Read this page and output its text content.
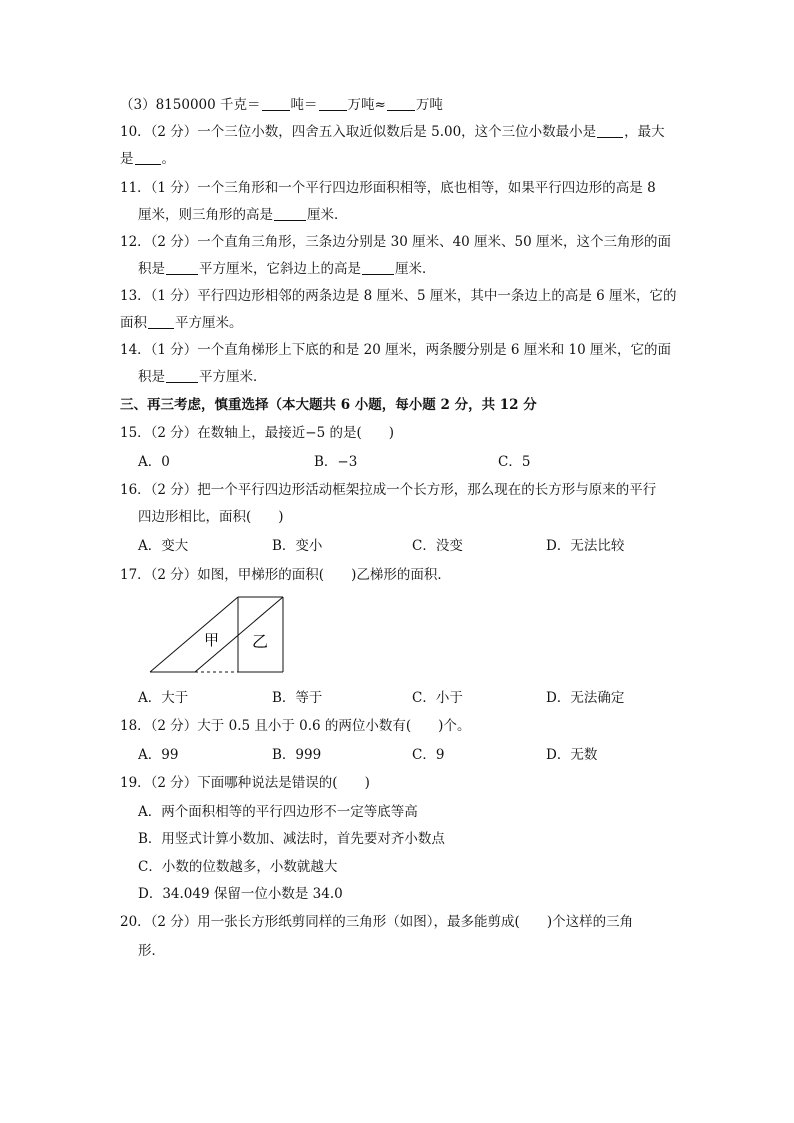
（3）8150000 千克＝ 吨＝ 万吨≈ 万吨
10．（2 分）一个三位小数，四舍五入取近似数后是 5.00，这个三位小数最小是 ，最大
是 。
11．（1 分）一个三角形和一个平行四边形面积相等，底也相等，如果平行四边形的高是 8
厘米，则三角形的高是	厘米．
12．（2 分）一个直角三角形，三条边分别是 30 厘米、40 厘米、50 厘米，这个三角形的面
积是	平方厘米，它斜边上的高是	厘米．
13．（1 分）平行四边形相邻的两条边是 8 厘米、5 厘米，其中一条边上的高是 6 厘米，它的
面积 平方厘米。
14．（1 分）一个直角梯形上下底的和是 20 厘米，两条腰分别是 6 厘米和 10 厘米，它的面
积是	平方厘米．
三、再三考虑，慎重选择（本大题共 6 小题，每小题 2 分，共 12 分
15．（2 分）在数轴上，最接近−5 的是(　　)
A．0	B．−3	C．5
16．（2 分）把一个平行四边形活动框架拉成一个长方形，那么现在的长方形与原来的平行
四边形相比，面积(　　)
A．变大	B．变小	C．没变	D．无法比较
17．（2 分）如图，甲梯形的面积(　　)乙梯形的面积．
甲 乙
A．大于	B．等于	C．小于	D．无法确定
18．（2 分）大于 0.5 且小于 0.6 的两位小数有(　　)个。
A．99	B．999	C．9	D．无数
19．（2 分）下面哪种说法是错误的(　　)
A．两个面积相等的平行四边形不一定等底等高
B．用竖式计算小数加、减法时，首先要对齐小数点
C．小数的位数越多，小数就越大
D．34.049 保留一位小数是 34.0
20．（2 分）用一张长方形纸剪同样的三角形（如图），最多能剪成(　　)个这样的三角
形．
